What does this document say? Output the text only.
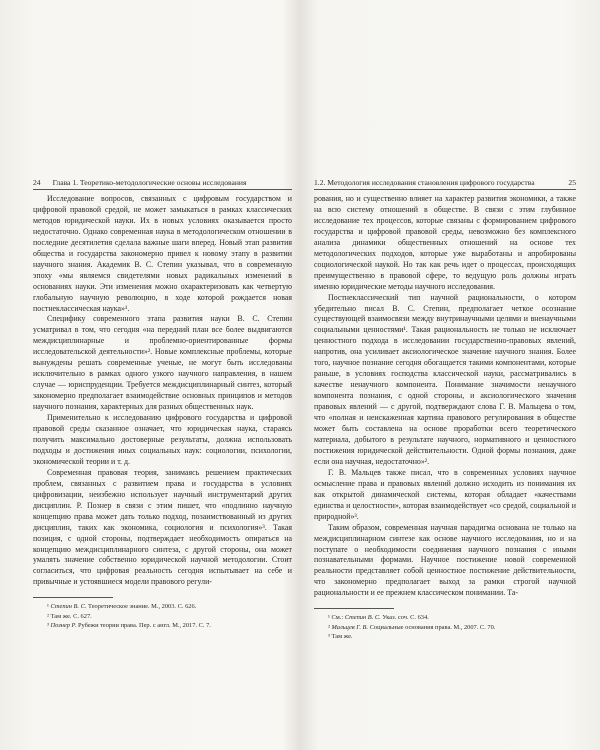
24 Глава 1. Теоретико-методологические основы исследования

Исследование вопросов, связанных с цифровым государством и цифровой правовой средой, не может замыкаться в рамках классических методов юридической науки. Их в новых условиях оказывается просто недостаточно. Однако современная наука в методологическом отношении в последние десятилетия сделала важные шаги вперед. Новый этап развития общества и государства закономерно привел к новому этапу в развитии научного знания. Академик В. С. Степин указывал, что в современную эпоху «мы являемся свидетелями новых радикальных изменений в основаниях науки. Эти изменения можно охарактеризовать как четвертую глобальную научную революцию, в ходе которой рождается новая постнеклассическая наука»¹.

Специфику современного этапа развития науки В. С. Степин усматривал в том, что сегодня «на передний план все более выдвигаются междисциплинарные и проблемно-ориентированные формы исследовательской деятельности»². Новые комплексные проблемы, которые вынуждены решать современные ученые, не могут быть исследованы исключительно в рамках одного узкого научного направления, в нашем случае — юриспруденции. Требуется междисциплинарный синтез, который закономерно предполагает взаимодействие основных принципов и методов научного познания, характерных для разных общественных наук.

Применительно к исследованию цифрового государства и цифровой правовой среды сказанное означает, что юридическая наука, стараясь получить максимально достоверные результаты, должна использовать подходы и достижения иных социальных наук: социологии, психологии, экономической теории и т. д.

Современная правовая теория, занимаясь решением практических проблем, связанных с развитием права и государства в условиях цифровизации, неизбежно использует научный инструментарий других дисциплин. Р. Познер в связи с этим пишет, что «подлинно научную концепцию права может дать только подход, позаимствованный из других дисциплин, таких как экономика, социология и психология»³. Такая позиция, с одной стороны, подтверждает необходимость опираться на концепцию междисциплинарного синтеза, с другой стороны, она может умалять значение собственно юридической научной методологии. Стоит согласиться, что цифровая реальность сегодня испытывает на себе и привычные и устоявшиеся модели правового регули-

¹ Степин В. С. Теоретическое знание. М., 2003. С. 626.
² Там же. С. 627.
³ Познер Р. Рубежи теории права. Пер. с англ. М., 2017. С. 7.
1.2. Методология исследования становления цифрового государства	25

рования, но и существенно влияет на характер развития экономики, а также на всю систему отношений в обществе. В связи с этим глубинное исследование тех процессов, которые связаны с формированием цифрового государства и цифровой правовой среды, невозможно без комплексного анализа динамики общественных отношений на основе тех методологических подходов, которые уже выработаны и апробированы социологической наукой. Но так как речь идет о процессах, происходящих преимущественно в правовой сфере, то ведущую роль должны играть именно юридические методы научного исследования.

Постнеклассический тип научной рациональности, о котором убедительно писал В. С. Степин, предполагает четкое осознание существующей взаимосвязи между внутринаучными целями и вненаучными социальными ценностями¹. Такая рациональность не только не исключает ценностного подхода в исследовании государственно-правовых явлений, напротив, она усиливает аксиологическое значение научного знания. Более того, научное познание сегодня обогащается такими компонентами, которые раньше, в условиях господства классической науки, рассматривались в качестве ненаучного компонента. Понимание значимости ненаучного компонента познания, с одной стороны, и аксиологического значения правовых явлений — с другой, подтверждают слова Г. В. Мальцева о том, что «полная и неискаженная картина правового регулирования в обществе может быть составлена на основе проработки всего теоретического материала, добытого в результате научного, нормативного и ценностного постижения юридической действительности. Одной формы познания, даже если она научная, недостаточно»².

Г. В. Мальцев также писал, что в современных условиях научное осмысление права и правовых явлений должно исходить из понимания их как открытой динамической системы, которая обладает «качествами единства и целостности», которая взаимодействует «со средой, социальной и природной»³.

Таким образом, современная научная парадигма основана не только на междисциплинарном синтезе как основе научного исследования, но и на поступате о необходимости соединения научного познания с иными познавательными формами. Научное постижение новой современной реальности представляет собой ценностное постижение действительности, что закономерно предполагает выход за рамки строгой научной рациональности и ее прежнем классическом понимании. Та-

¹ См.: Степин В. С. Указ. соч. С. 634.
² Мальцев Г. В. Социальные основания права. М., 2007. С. 70.
³ Там же.
